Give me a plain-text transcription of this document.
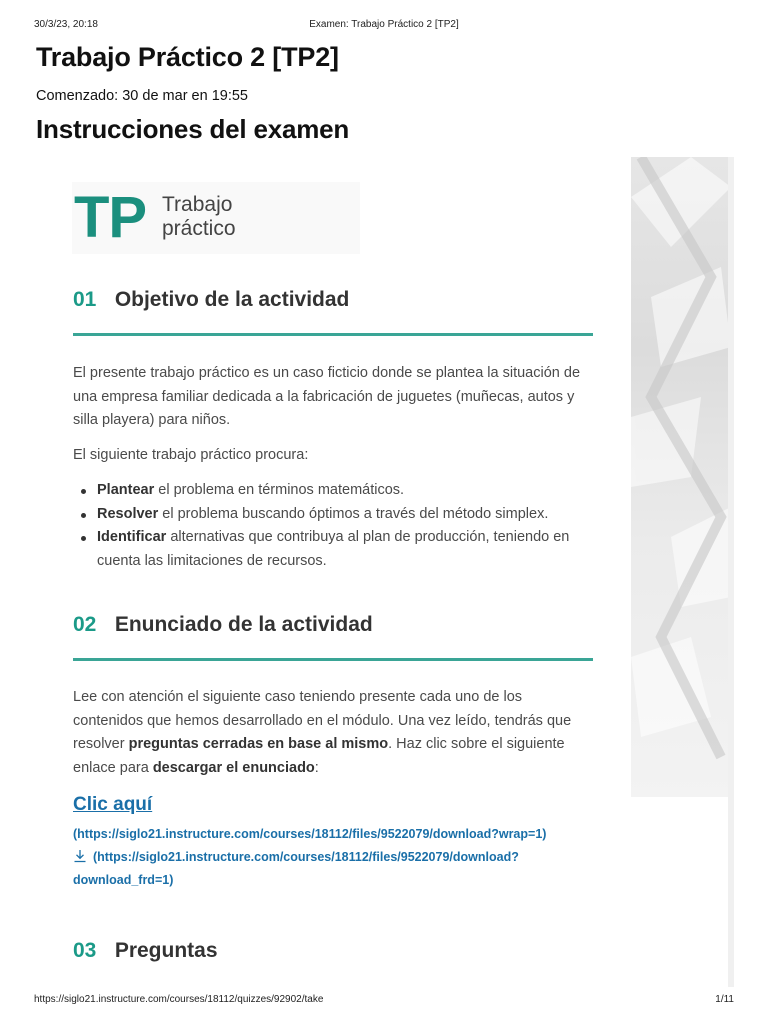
30/3/23, 20:18	Examen: Trabajo Práctico 2 [TP2]
Trabajo Práctico 2 [TP2]
Comenzado: 30 de mar en 19:55
Instrucciones del examen
TP Trabajo
práctico
01 Objetivo de la actividad

El presente trabajo práctico es un caso ficticio donde se plantea la situación de una empresa familiar dedicada a la fabricación de juguetes (muñecas, autos y silla playera) para niños.

El siguiente trabajo práctico procura:

Plantear el problema en términos matemáticos.
Resolver el problema buscando óptimos a través del método simplex.
Identificar alternativas que contribuya al plan de producción, teniendo en cuenta las limitaciones de recursos.
02 Enunciado de la actividad

Lee con atención el siguiente caso teniendo presente cada uno de los contenidos que hemos desarrollado en el módulo. Una vez leído, tendrás que resolver preguntas cerradas en base al mismo. Haz clic sobre el siguiente enlace para descargar el enunciado:

Clic aquí
(https://siglo21.instructure.com/courses/18112/files/9522079/download?wrap=1)
(https://siglo21.instructure.com/courses/18112/files/9522079/download?
download_frd=1)
03 Preguntas
https://siglo21.instructure.com/courses/18112/quizzes/92902/take	1/11
